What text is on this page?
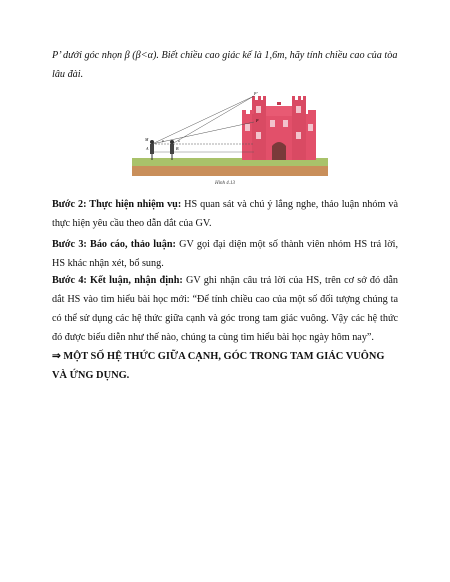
P’ dưới góc nhọn β (β<α). Biết chiều cao giác kế là 1,6m, hãy tính chiều cao của tòa
lâu đài.
P’
P
M
A	B
β	α
Hình 4.13
Bước 2: Thực hiện nhiệm vụ: HS quan sát và chú ý lắng nghe, thảo luận nhóm và thực hiện yêu cầu theo dẫn dắt của GV.
Bước 3: Báo cáo, thảo luận: GV gọi đại diện một số thành viên nhóm HS trả lời, HS khác nhận xét, bổ sung.
Bước 4: Kết luận, nhận định: GV ghi nhận câu trả lời của HS, trên cơ sở đó dẫn dắt HS vào tìm hiểu bài học mới: “Để tính chiều cao của một số đối tượng chúng ta có thể sử dụng các hệ thức giữa cạnh và góc trong tam giác vuông. Vậy các hệ thức đó được biểu diễn như thế nào, chúng ta cùng tìm hiểu bài học ngày hôm nay”.
⇒ MỘT SỐ HỆ THỨC GIỮA CẠNH, GÓC TRONG TAM GIÁC VUÔNG VÀ ỨNG DỤNG.
